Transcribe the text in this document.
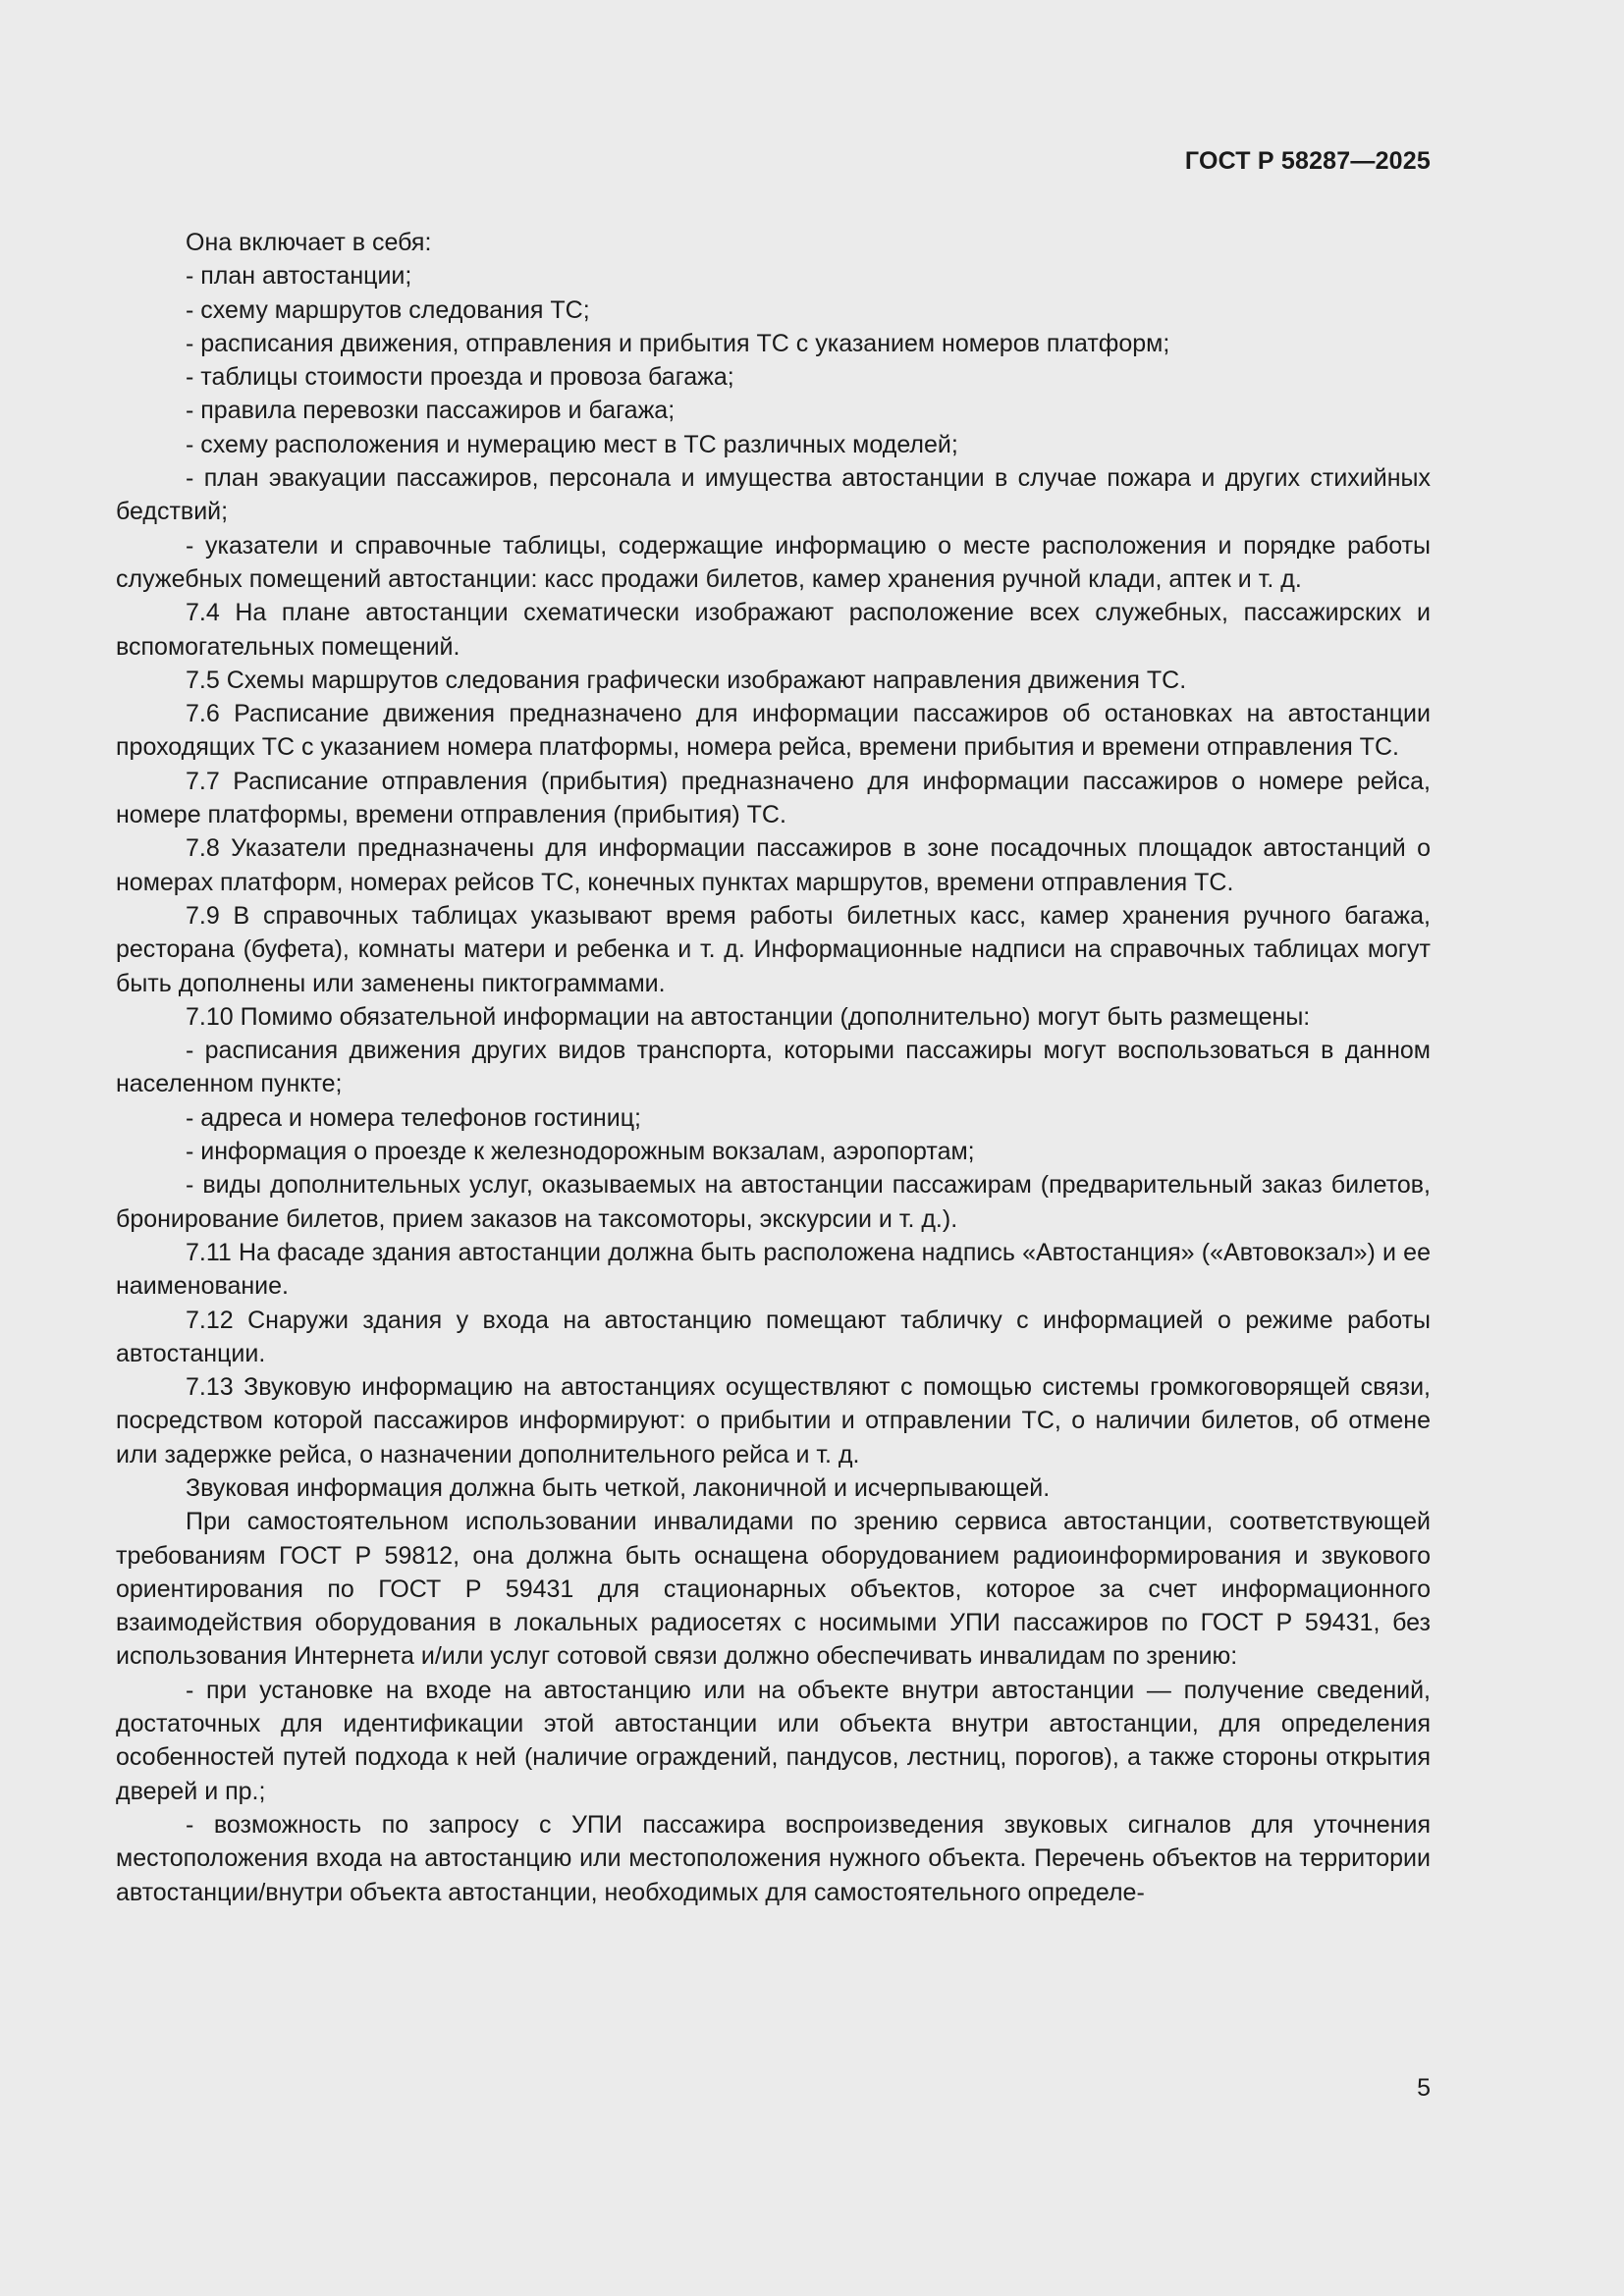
ГОСТ Р 58287—2025

Она включает в себя:

- план автостанции;

- схему маршрутов следования ТС;

- расписания движения, отправления и прибытия ТС с указанием номеров платформ;

- таблицы стоимости проезда и провоза багажа;

- правила перевозки пассажиров и багажа;

- схему расположения и нумерацию мест в ТС различных моделей;

- план эвакуации пассажиров, персонала и имущества автостанции в случае пожара и других стихийных бедствий;

- указатели и справочные таблицы, содержащие информацию о месте расположения и порядке работы служебных помещений автостанции: касс продажи билетов, камер хранения ручной клади, аптек и т. д.

7.4 На плане автостанции схематически изображают расположение всех служебных, пассажирских и вспомогательных помещений.

7.5 Схемы маршрутов следования графически изображают направления движения ТС.

7.6 Расписание движения предназначено для информации пассажиров об остановках на автостанции проходящих ТС с указанием номера платформы, номера рейса, времени прибытия и времени отправления ТС.

7.7 Расписание отправления (прибытия) предназначено для информации пассажиров о номере рейса, номере платформы, времени отправления (прибытия) ТС.

7.8 Указатели предназначены для информации пассажиров в зоне посадочных площадок автостанций о номерах платформ, номерах рейсов ТС, конечных пунктах маршрутов, времени отправления ТС.

7.9 В справочных таблицах указывают время работы билетных касс, камер хранения ручного багажа, ресторана (буфета), комнаты матери и ребенка и т. д. Информационные надписи на справочных таблицах могут быть дополнены или заменены пиктограммами.

7.10 Помимо обязательной информации на автостанции (дополнительно) могут быть размещены:

- расписания движения других видов транспорта, которыми пассажиры могут воспользоваться в данном населенном пункте;

- адреса и номера телефонов гостиниц;

- информация о проезде к железнодорожным вокзалам, аэропортам;

- виды дополнительных услуг, оказываемых на автостанции пассажирам (предварительный заказ билетов, бронирование билетов, прием заказов на таксомоторы, экскурсии и т. д.).

7.11 На фасаде здания автостанции должна быть расположена надпись «Автостанция» («Автовокзал») и ее наименование.

7.12 Снаружи здания у входа на автостанцию помещают табличку с информацией о режиме работы автостанции.

7.13 Звуковую информацию на автостанциях осуществляют с помощью системы громкоговорящей связи, посредством которой пассажиров информируют: о прибытии и отправлении ТС, о наличии билетов, об отмене или задержке рейса, о назначении дополнительного рейса и т. д.

Звуковая информация должна быть четкой, лаконичной и исчерпывающей.

При самостоятельном использовании инвалидами по зрению сервиса автостанции, соответствующей требованиям ГОСТ Р 59812, она должна быть оснащена оборудованием радиоинформирования и звукового ориентирования по ГОСТ Р 59431 для стационарных объектов, которое за счет информационного взаимодействия оборудования в локальных радиосетях с носимыми УПИ пассажиров по ГОСТ Р 59431, без использования Интернета и/или услуг сотовой связи должно обеспечивать инвалидам по зрению:

- при установке на входе на автостанцию или на объекте внутри автостанции — получение сведений, достаточных для идентификации этой автостанции или объекта внутри автостанции, для определения особенностей путей подхода к ней (наличие ограждений, пандусов, лестниц, порогов), а также стороны открытия дверей и пр.;

- возможность по запросу с УПИ пассажира воспроизведения звуковых сигналов для уточнения местоположения входа на автостанцию или местоположения нужного объекта. Перечень объектов на территории автостанции/внутри объекта автостанции, необходимых для самостоятельного определе-

5
